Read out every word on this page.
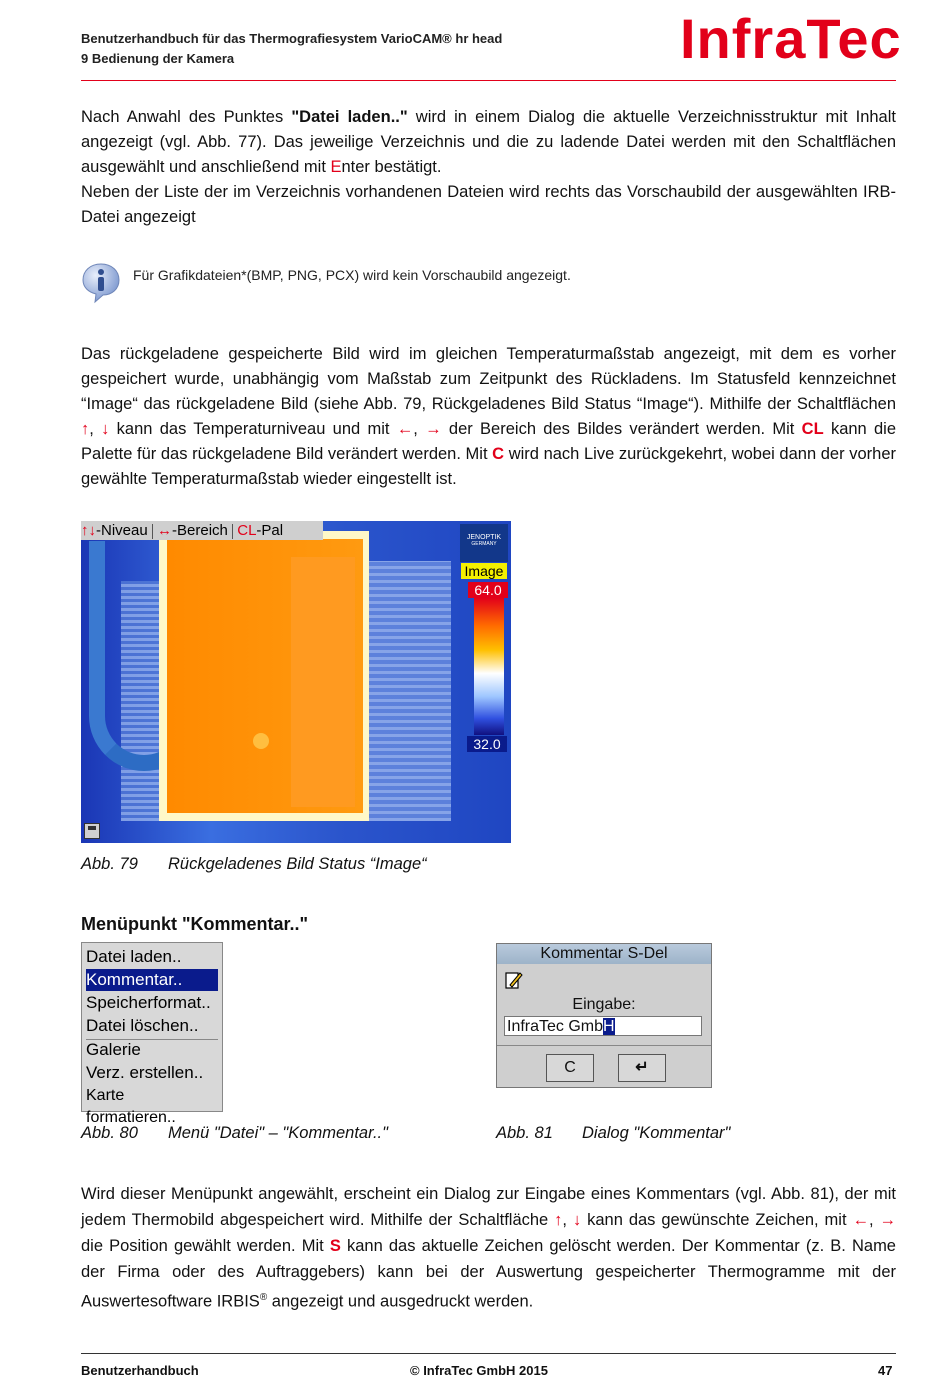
Benutzerhandbuch für das Thermografiesystem VarioCAM® hr head
9 Bedienung der Kamera	InfraTec
Nach Anwahl des Punktes "Datei laden.." wird in einem Dialog die aktuelle Verzeichnisstruktur mit Inhalt angezeigt (vgl. Abb. 77). Das jeweilige Verzeichnis und die zu ladende Datei werden mit den Schaltflächen ausgewählt und anschließend mit Enter bestätigt.
Neben der Liste der im Verzeichnis vorhandenen Dateien wird rechts das Vorschaubild der ausgewählten IRB-Datei angezeigt
Für Grafikdateien*(BMP, PNG, PCX) wird kein Vorschaubild angezeigt.
Das rückgeladene gespeicherte Bild wird im gleichen Temperaturmaßstab angezeigt, mit dem es vorher gespeichert wurde, unabhängig vom Maßstab zum Zeitpunkt des Rückladens. Im Statusfeld kennzeichnet “Image“ das rückgeladene Bild (siehe Abb. 79, Rückgeladenes Bild Status “Image“). Mithilfe der Schaltflächen ↑, ↓ kann das Temperaturniveau und mit ←, → der Bereich des Bildes verändert werden. Mit CL kann die Palette für das rückgeladene Bild verändert werden. Mit C wird nach Live zurückgekehrt, wobei dann der vorher gewählte Temperaturmaßstab wieder eingestellt ist.
↑↓-Niveau ↔-Bereich CL-Pal	JENOPTIK
GERMANY
Image
64.0
32.0
Abb. 79 Rückgeladenes Bild Status “Image“
Menüpunkt "Kommentar.."
Datei laden..
Kommentar..
Speicherformat..
Datei löschen..
Galerie
Verz. erstellen..
Karte formatieren..
Kommentar S-Del
Eingabe:
InfraTec GmbH
C	↵
Abb. 80 Menü "Datei" – "Kommentar.."	Abb. 81 Dialog "Kommentar"
Wird dieser Menüpunkt angewählt, erscheint ein Dialog zur Eingabe eines Kommentars (vgl. Abb. 81), der mit jedem Thermobild abgespeichert wird. Mithilfe der Schaltfläche ↑, ↓ kann das gewünschte Zeichen, mit ←, → die Position gewählt werden. Mit S kann das aktuelle Zeichen gelöscht werden. Der Kommentar (z. B. Name der Firma oder des Auftraggebers) kann bei der Auswertung gespeicherter Thermogramme mit der Auswertesoftware IRBIS® angezeigt und ausgedruckt werden.
Benutzerhandbuch	© InfraTec GmbH 2015	47
